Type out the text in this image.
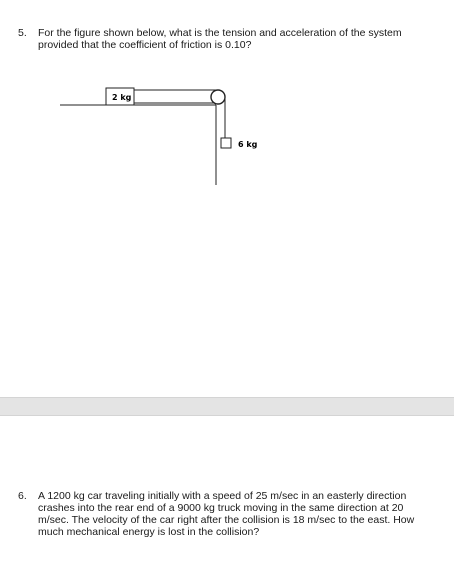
5.	For the figure shown below, what is the tension and acceleration of the system provided that the coefficient of friction is 0.10?
2 kg
6 kg
6.	A 1200 kg car traveling initially with a speed of 25 m/sec in an easterly direction crashes into the rear end of a 9000 kg truck moving in the same direction at 20 m/sec. The velocity of the car right after the collision is 18 m/sec to the east. How much mechanical energy is lost in the collision?
